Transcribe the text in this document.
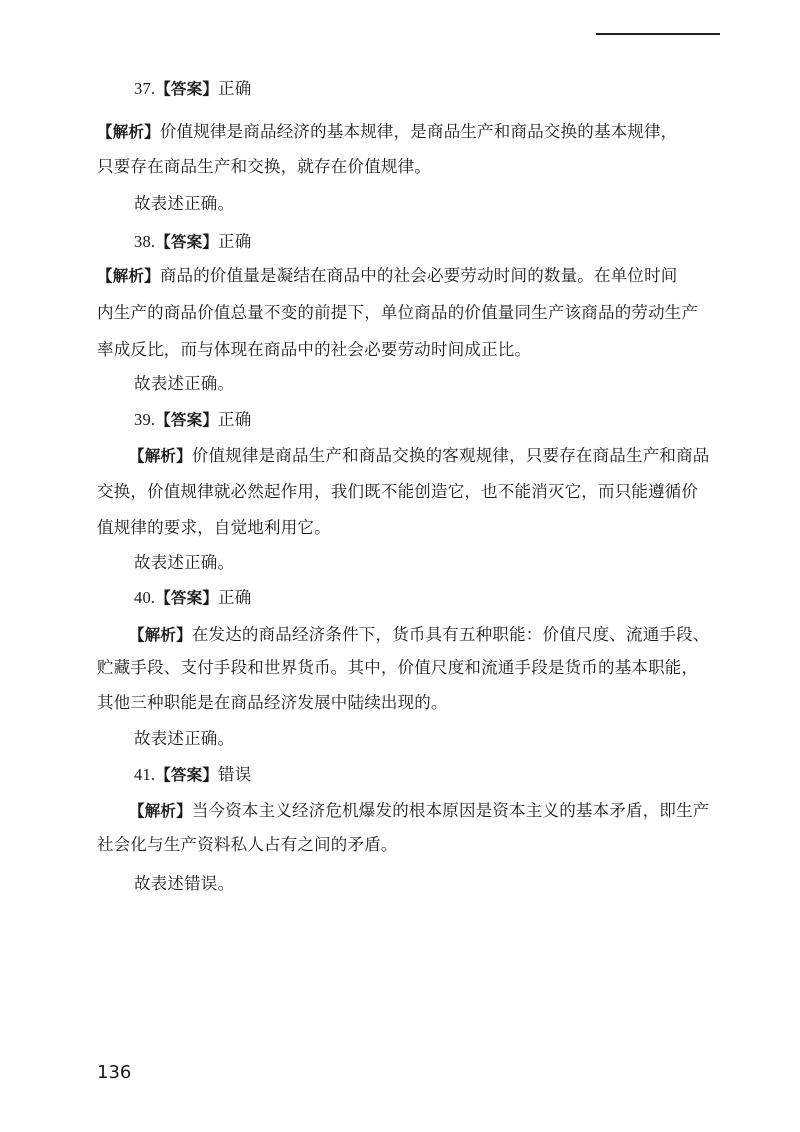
37.【答案】正确
【解析】价值规律是商品经济的基本规律，是商品生产和商品交换的基本规律，
只要存在商品生产和交换，就存在价值规律。
故表述正确。
38.【答案】正确
【解析】商品的价值量是凝结在商品中的社会必要劳动时间的数量。在单位时间
内生产的商品价值总量不变的前提下，单位商品的价值量同生产该商品的劳动生产
率成反比，而与体现在商品中的社会必要劳动时间成正比。
故表述正确。
39.【答案】正确
【解析】价值规律是商品生产和商品交换的客观规律，只要存在商品生产和商品
交换，价值规律就必然起作用，我们既不能创造它，也不能消灭它，而只能遵循价
值规律的要求，自觉地利用它。
故表述正确。
40.【答案】正确
【解析】在发达的商品经济条件下，货币具有五种职能：价值尺度、流通手段、
贮藏手段、支付手段和世界货币。其中，价值尺度和流通手段是货币的基本职能，
其他三种职能是在商品经济发展中陆续出现的。
故表述正确。
41.【答案】错误
【解析】当今资本主义经济危机爆发的根本原因是资本主义的基本矛盾，即生产
社会化与生产资料私人占有之间的矛盾。
故表述错误。
136
